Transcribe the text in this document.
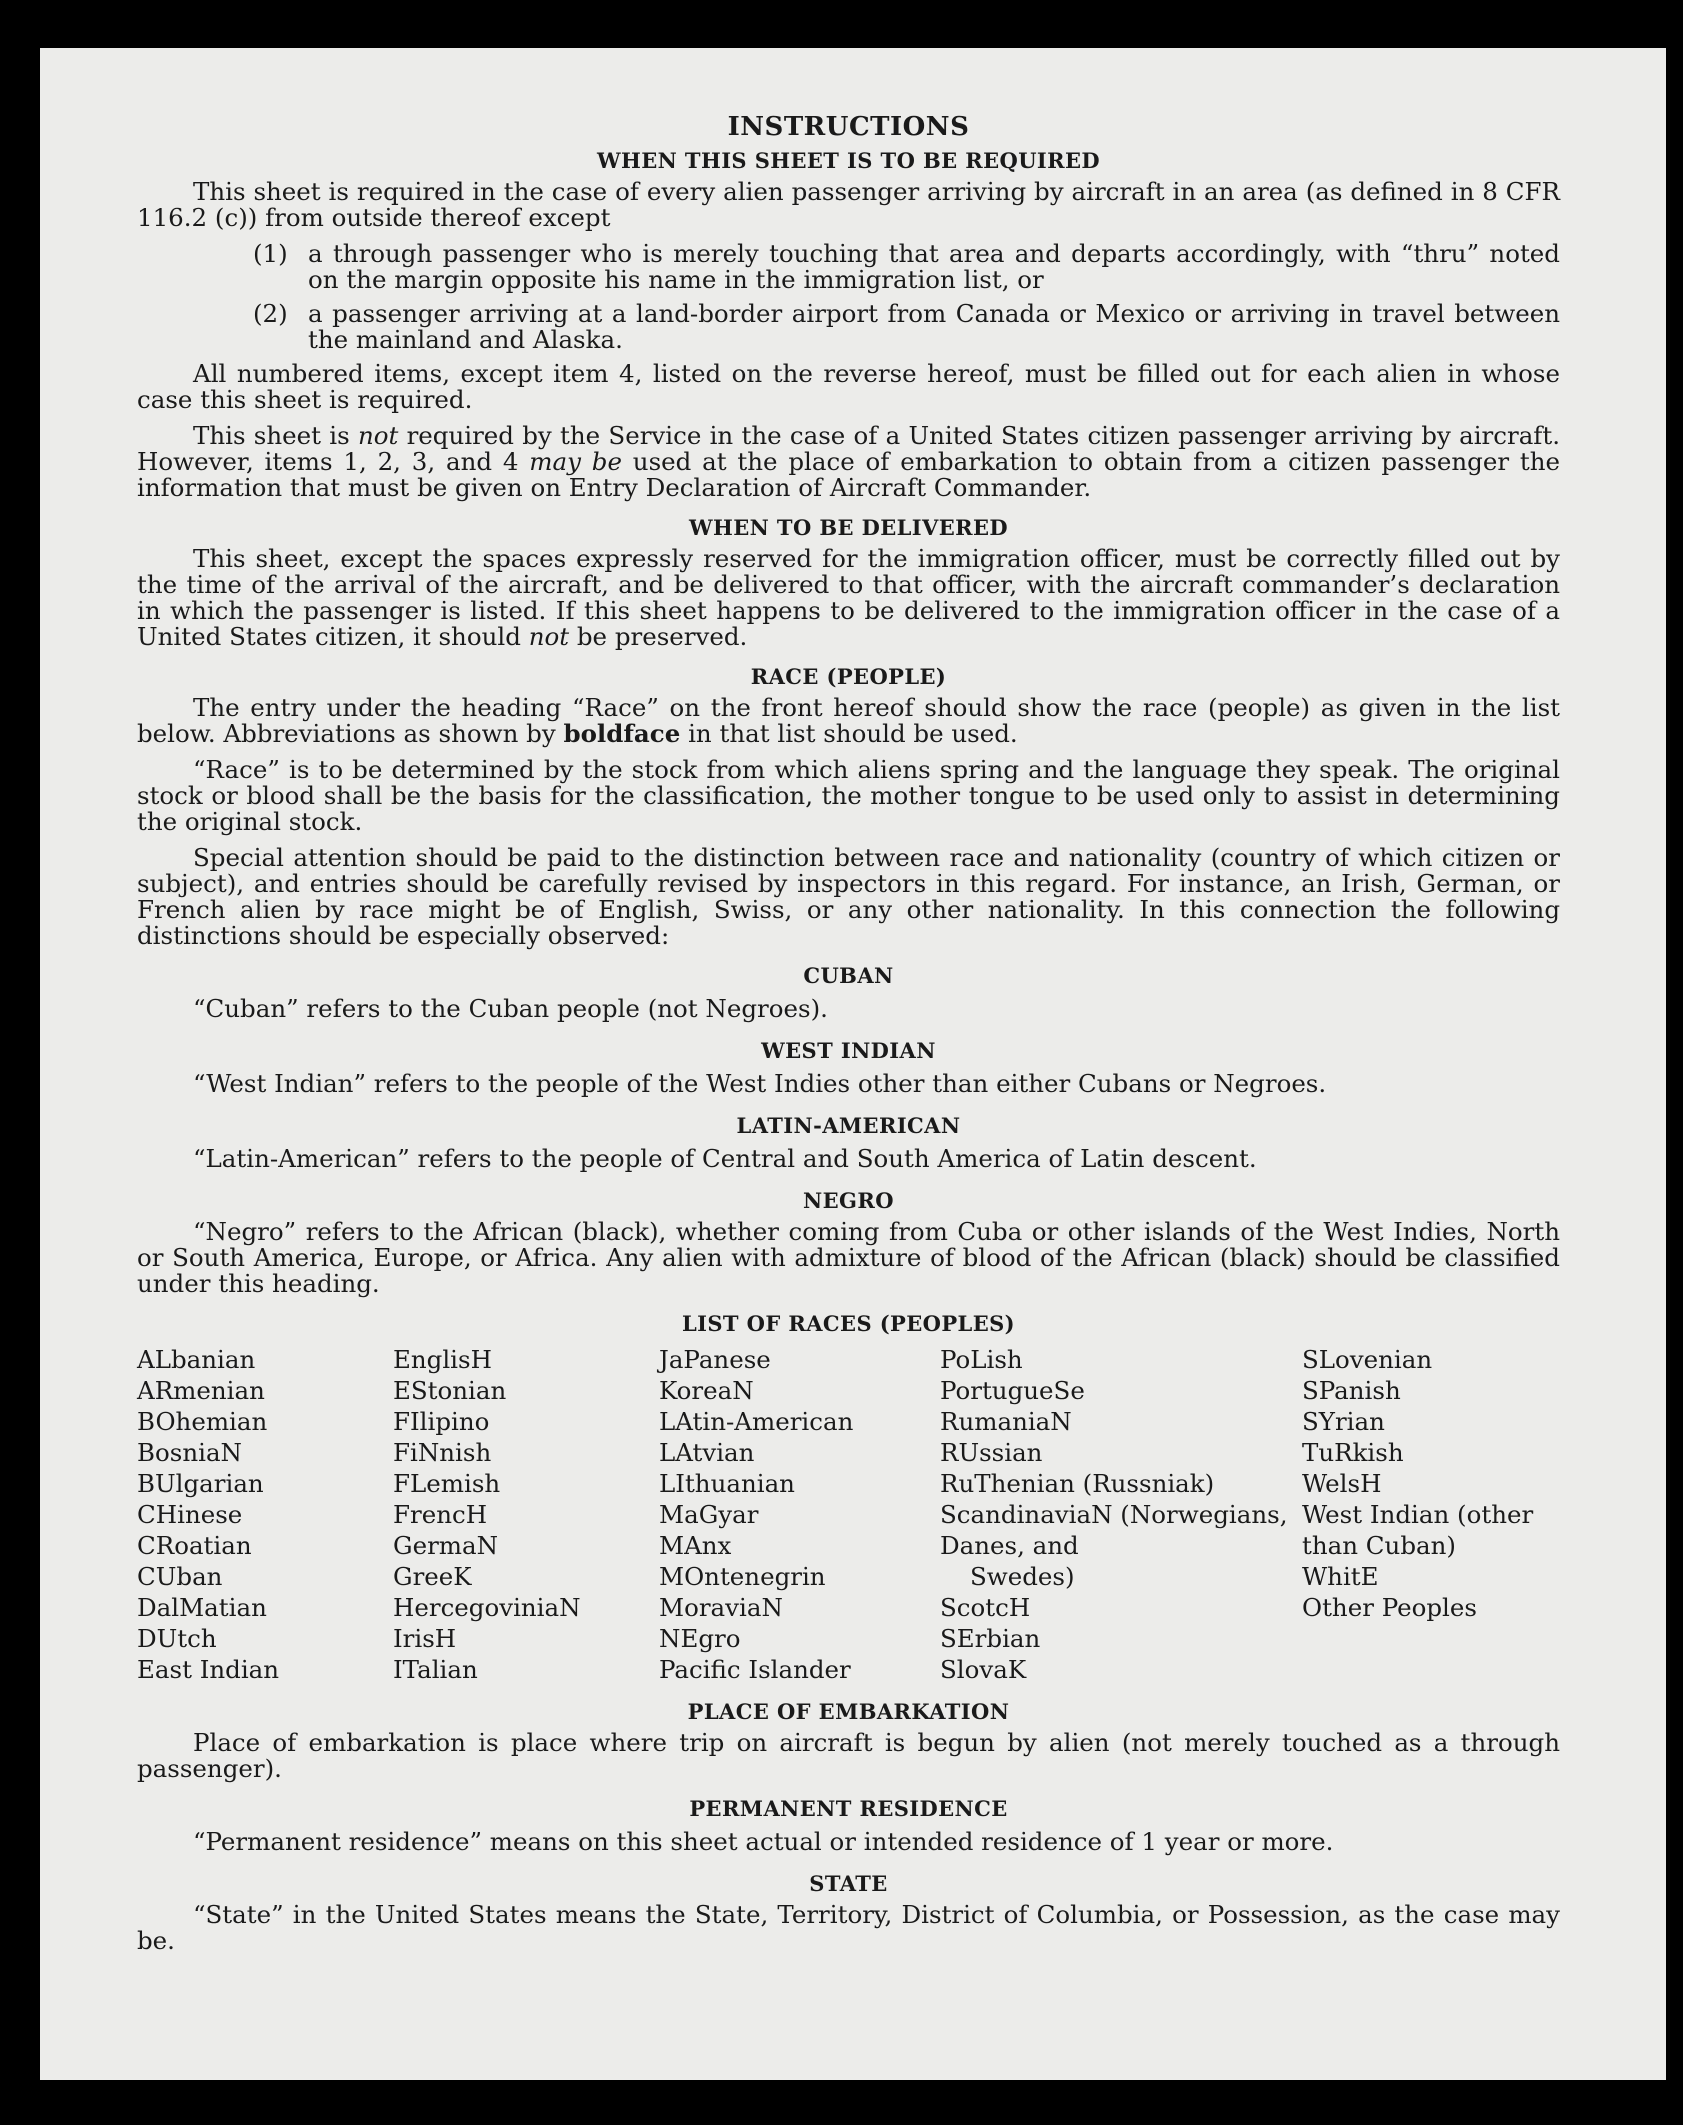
INSTRUCTIONS
WHEN THIS SHEET IS TO BE REQUIRED

This sheet is required in the case of every alien passenger arriving by aircraft in an area (as defined in 8 CFR 116.2 (c)) from outside thereof except

(1) a through passenger who is merely touching that area and departs accordingly, with “thru” noted on the margin opposite his name in the immigration list, or
(2) a passenger arriving at a land-border airport from Canada or Mexico or arriving in travel between the mainland and Alaska.

All numbered items, except item 4, listed on the reverse hereof, must be filled out for each alien in whose case this sheet is required.

This sheet is not required by the Service in the case of a United States citizen passenger arriving by aircraft. However, items 1, 2, 3, and 4 may be used at the place of embarkation to obtain from a citizen passenger the information that must be given on Entry Declaration of Aircraft Commander.

WHEN TO BE DELIVERED

This sheet, except the spaces expressly reserved for the immigration officer, must be correctly filled out by the time of the arrival of the aircraft, and be delivered to that officer, with the aircraft commander’s declaration in which the passenger is listed. If this sheet happens to be delivered to the immigration officer in the case of a United States citizen, it should not be preserved.

RACE (PEOPLE)

The entry under the heading “Race” on the front hereof should show the race (people) as given in the list below. Abbreviations as shown by boldface in that list should be used.

“Race” is to be determined by the stock from which aliens spring and the language they speak. The original stock or blood shall be the basis for the classification, the mother tongue to be used only to assist in determining the original stock.

Special attention should be paid to the distinction between race and nationality (country of which citizen or subject), and entries should be carefully revised by inspectors in this regard. For instance, an Irish, German, or French alien by race might be of English, Swiss, or any other nationality. In this connection the following distinctions should be especially observed:

CUBAN
“Cuban” refers to the Cuban people (not Negroes).
WEST INDIAN
“West Indian” refers to the people of the West Indies other than either Cubans or Negroes.
LATIN-AMERICAN
“Latin-American” refers to the people of Central and South America of Latin descent.
NEGRO

“Negro” refers to the African (black), whether coming from Cuba or other islands of the West Indies, North or South America, Europe, or Africa. Any alien with admixture of blood of the African (black) should be classified under this heading.

LIST OF RACES (PEOPLES)
ALbanian
ARmenian
BOhemian
BosniaN
BUlgarian
CHinese
CRoatian
CUban
DalMatian
DUtch
East Indian
EnglisH
EStonian
FIlipino
FiNnish
FLemish
FrencH
GermaN
GreeK
HercegoviniaN
IrisH
ITalian
JaPanese
KoreaN
LAtin-American
LAtvian
LIthuanian
MaGyar
MAnx
MOntenegrin
MoraviaN
NEgro
Pacific Islander
PoLish
PortugueSe
RumaniaN
RUssian
RuThenian (Russniak)
ScandinaviaN (Norwegians, Danes, and
Swedes)
ScotcH
SErbian
SlovaK
SLovenian
SPanish
SYrian
TuRkish
WelsH
West Indian (other than Cuban)
WhitE
Other Peoples
PLACE OF EMBARKATION

Place of embarkation is place where trip on aircraft is begun by alien (not merely touched as a through passenger).

PERMANENT RESIDENCE
“Permanent residence” means on this sheet actual or intended residence of 1 year or more.
STATE

“State” in the United States means the State, Territory, District of Columbia, or Possession, as the case may be.
